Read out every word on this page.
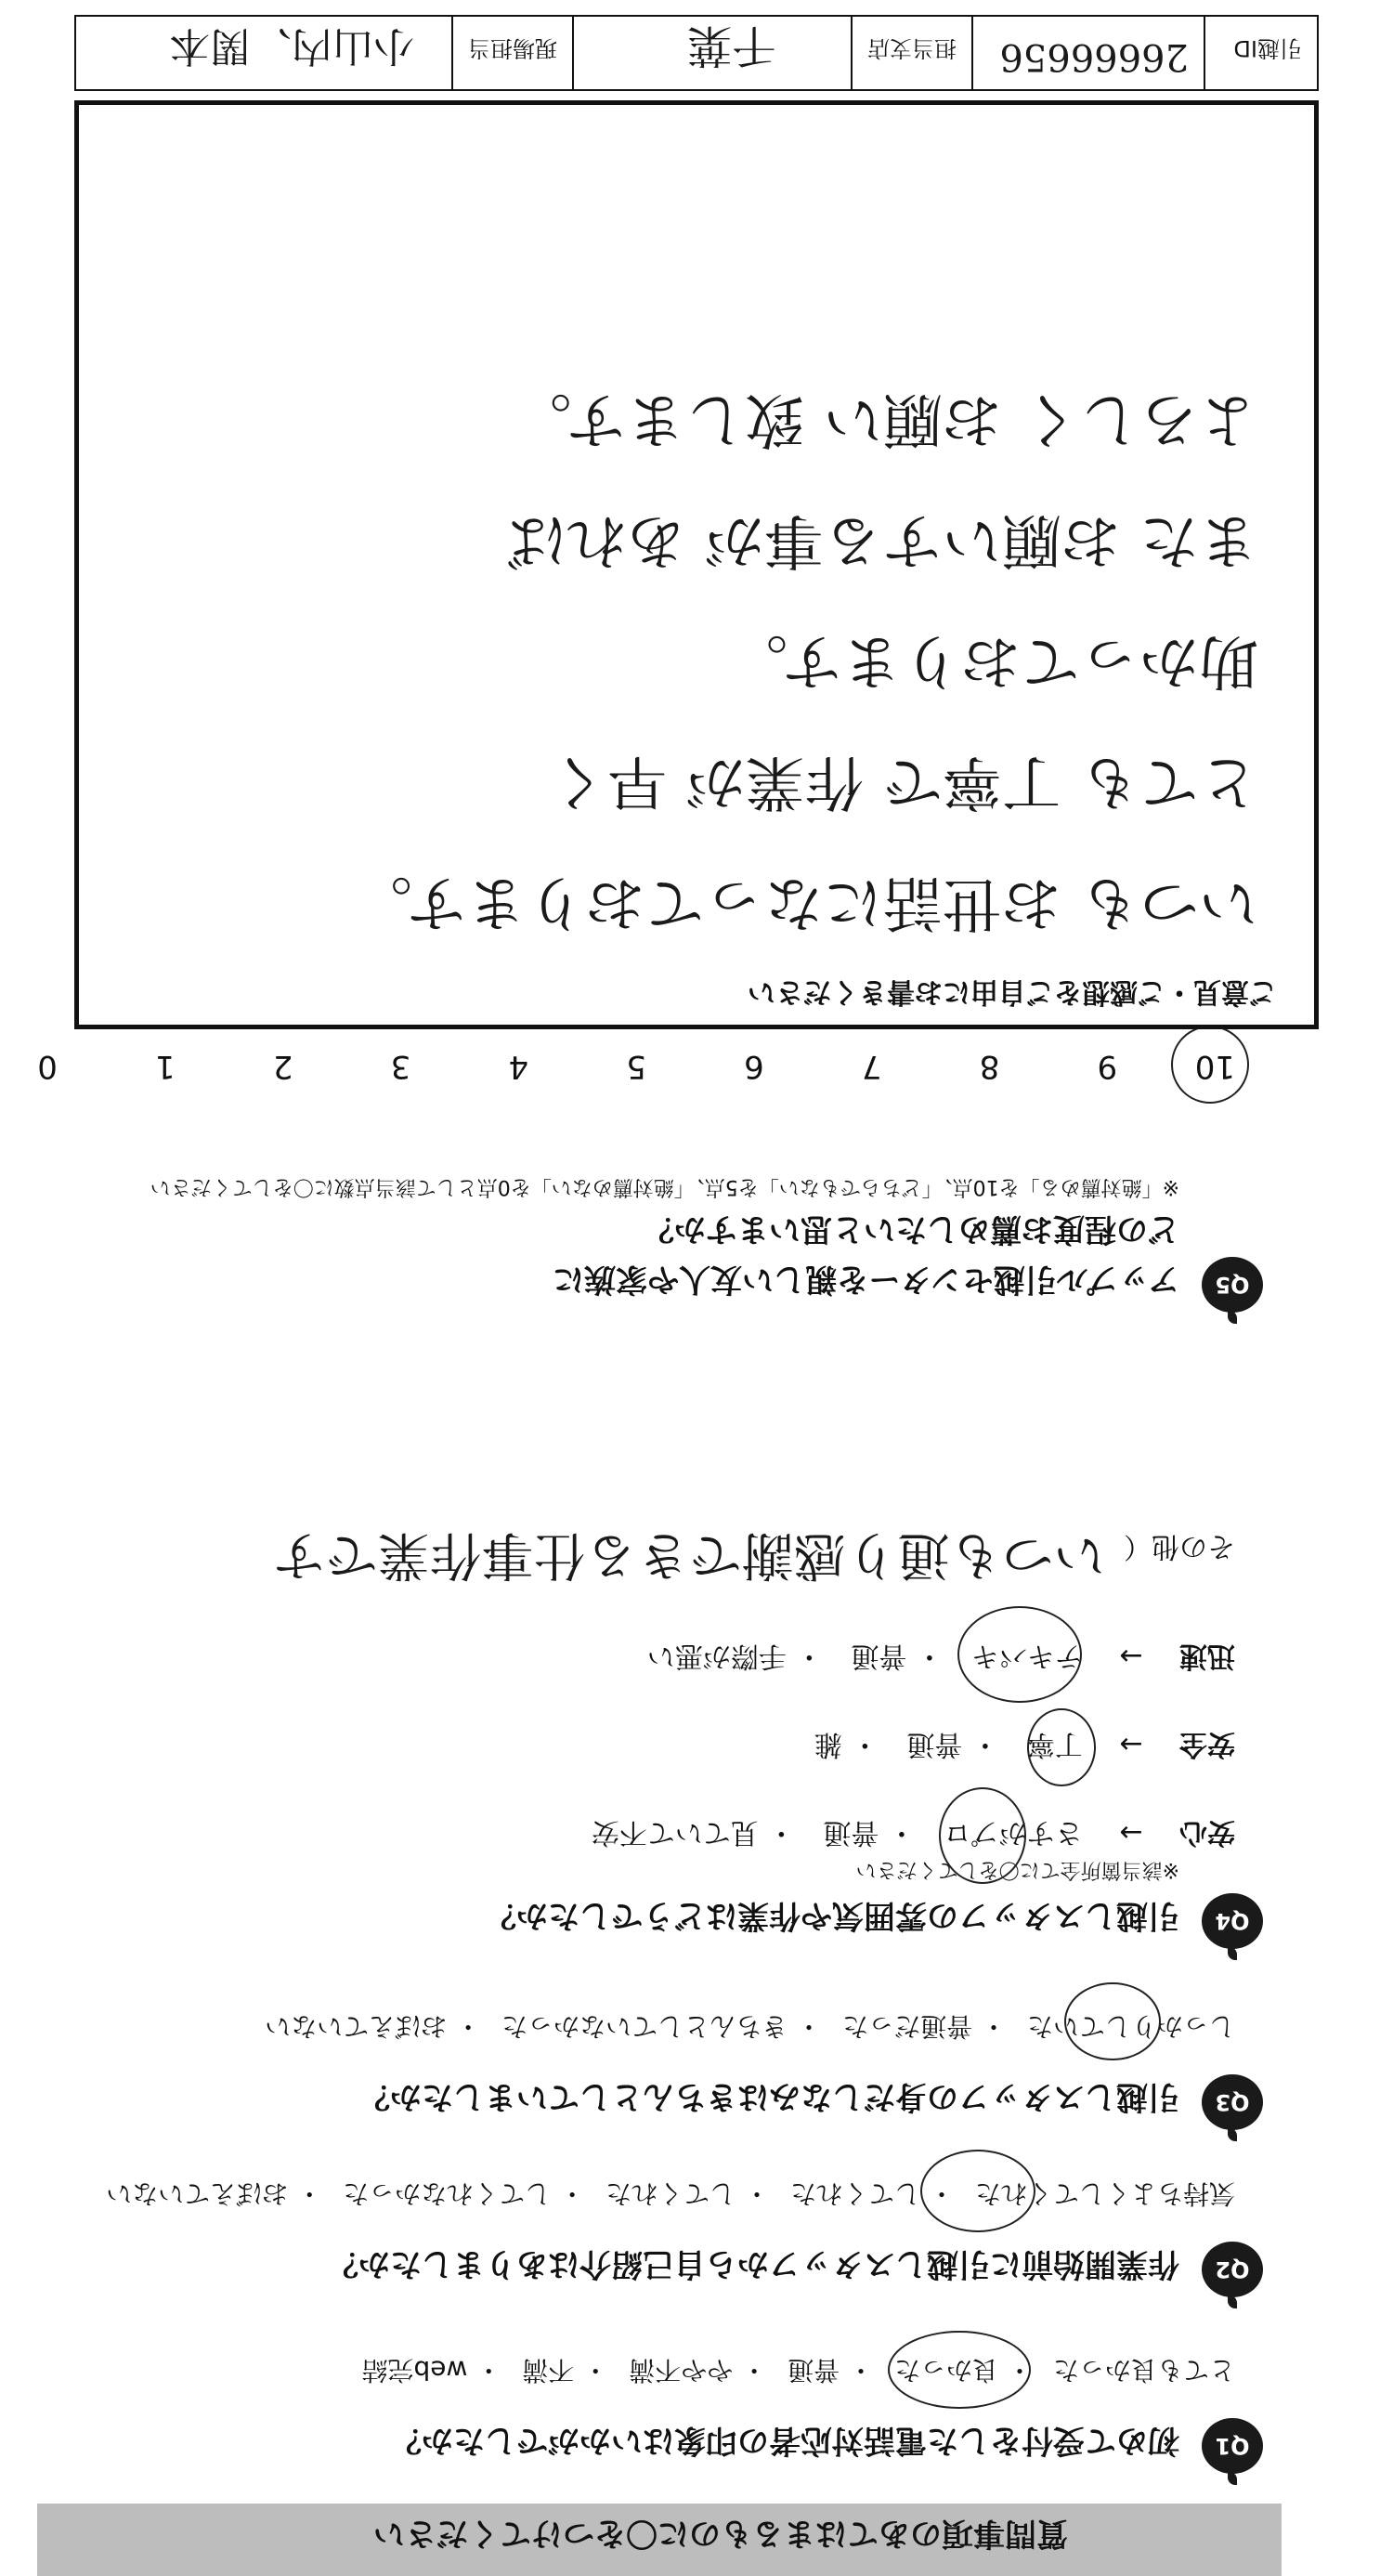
質問事項のあてはまるものに〇をつけてください
Q1
初めて受付をした電話対応者の印象はいかがでしたか？
とても良かった・ 良かった・ 普通・ やや不満・ 不満・ web完結
Q2
作業開始前に引越しスタッフから自己紹介はありましたか？
気持ちよくしてくれた・ してくれた・ してくれた・ してくれなかった・ おぼえていない
Q3
引越しスタッフの身だしなみはきちんとしていましたか？
しっかりしていた・ 普通だった・ きちんとしていなかった・ おぼえていない
Q4
引越しスタッフの雰囲気や作業はどうでしたか？
※該当箇所全てに〇をしてください
安心 → さすがプロ・ 普通・ 見ていて不安
安全 → 丁寧・ 普通・ 雑
迅速 → テキパキ・ 普通・ 手際が悪い
その他（ いつも通り感謝できる仕事作業です
Q5
アップル引越センターを親しい友人や家族に
どの程度お薦めしたいと思いますか？
※「絶対薦める」を10点、「どちらでもない」を5点、「絶対薦めない」を0点として該当点数に〇をしてください
10 9 8 7 6 5 4 3 2 1 0
ご意見・ご感想をご自由にお書きください
いつも お世話になっております。
とても 丁寧で 作業が 早く
助かっております。
また お願いする事が あれば
よろしく お願い 致します。
引越ID
26666656
担当支店
千葉
現場担当
小山内、関本
